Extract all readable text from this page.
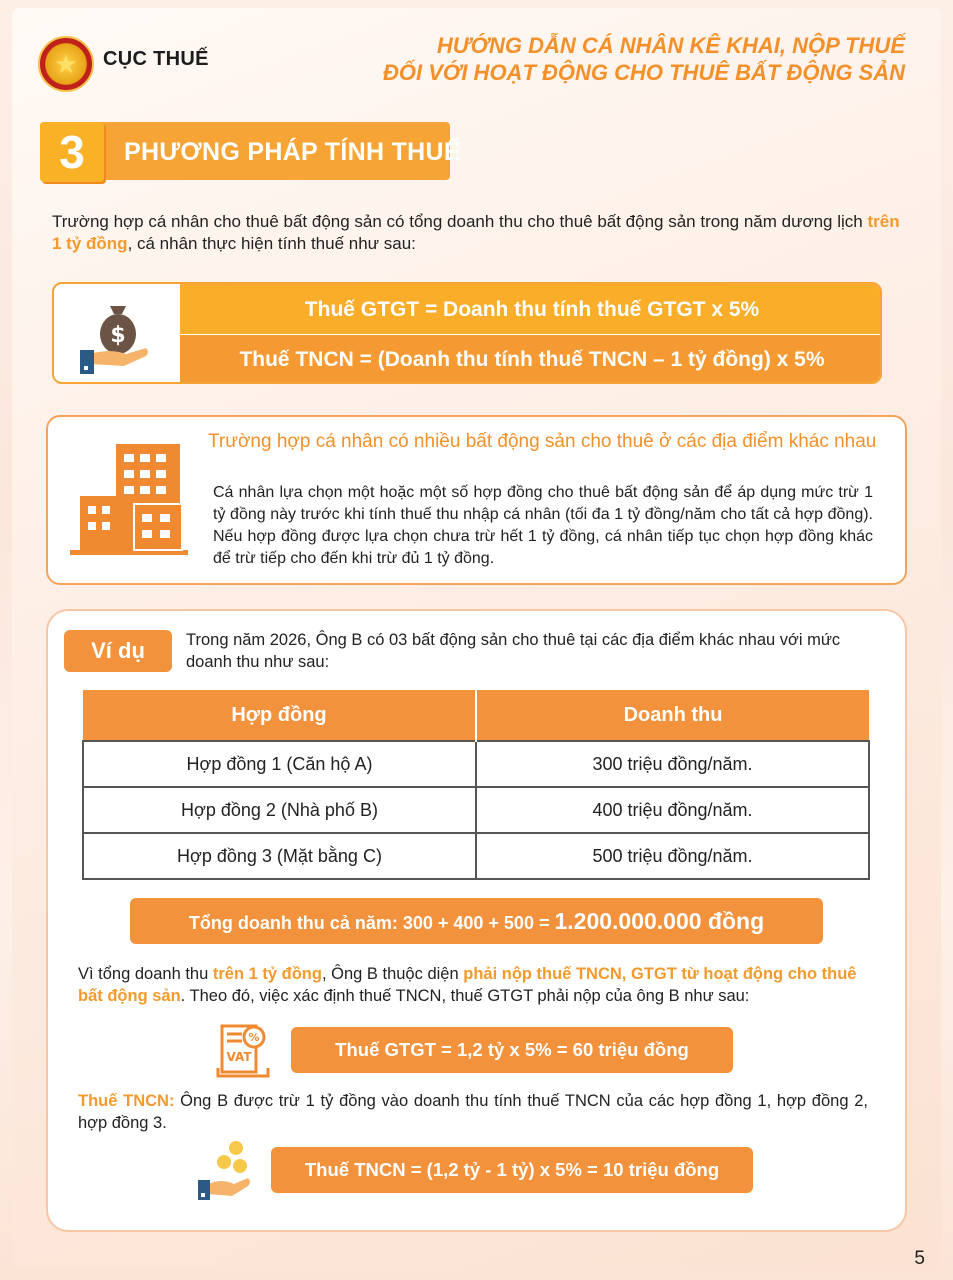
★ CỤC THUẾ
HƯỚNG DẪN CÁ NHÂN KÊ KHAI, NỘP THUẾ
ĐỐI VỚI HOẠT ĐỘNG CHO THUÊ BẤT ĐỘNG SẢN
3	PHƯƠNG PHÁP TÍNH THUẾ
Trường hợp cá nhân cho thuê bất động sản có tổng doanh thu cho thuê bất động sản trong năm dương lịch trên 1 tỷ đồng, cá nhân thực hiện tính thuế như sau:
$
Thuế GTGT = Doanh thu tính thuế GTGT x 5%
Thuế TNCN = (Doanh thu tính thuế TNCN – 1 tỷ đồng) x 5%
Trường hợp cá nhân có nhiều bất động sản cho thuê ở các địa điểm khác nhau
Cá nhân lựa chọn một hoặc một số hợp đồng cho thuê bất động sản để áp dụng mức trừ 1 tỷ đồng này trước khi tính thuế thu nhập cá nhân (tối đa 1 tỷ đồng/năm cho tất cả hợp đồng). Nếu hợp đồng được lựa chọn chưa trừ hết 1 tỷ đồng, cá nhân tiếp tục chọn hợp đồng khác để trừ tiếp cho đến khi trừ đủ 1 tỷ đồng.
Ví dụ	Trong năm 2026, Ông B có 03 bất động sản cho thuê tại các địa điểm khác nhau với mức doanh thu như sau:
Hợp đồng	Doanh thu
Hợp đồng 1 (Căn hộ A)	300 triệu đồng/năm.
Hợp đồng 2 (Nhà phố B)	400 triệu đồng/năm.
Hợp đồng 3 (Mặt bằng C)	500 triệu đồng/năm.
Tổng doanh thu cả năm: 300 + 400 + 500 = 1.200.000.000 đồng
Vì tổng doanh thu trên 1 tỷ đồng, Ông B thuộc diện phải nộp thuế TNCN, GTGT từ hoạt động cho thuê bất động sản. Theo đó, việc xác định thuế TNCN, thuế GTGT phải nộp của ông B như sau:
%
VAT	Thuế GTGT = 1,2 tỷ x 5% = 60 triệu đồng
Thuế TNCN: Ông B được trừ 1 tỷ đồng vào doanh thu tính thuế TNCN của các hợp đồng 1, hợp đồng 2, hợp đồng 3.
Thuế TNCN = (1,2 tỷ - 1 tỷ) x 5% = 10 triệu đồng
5
